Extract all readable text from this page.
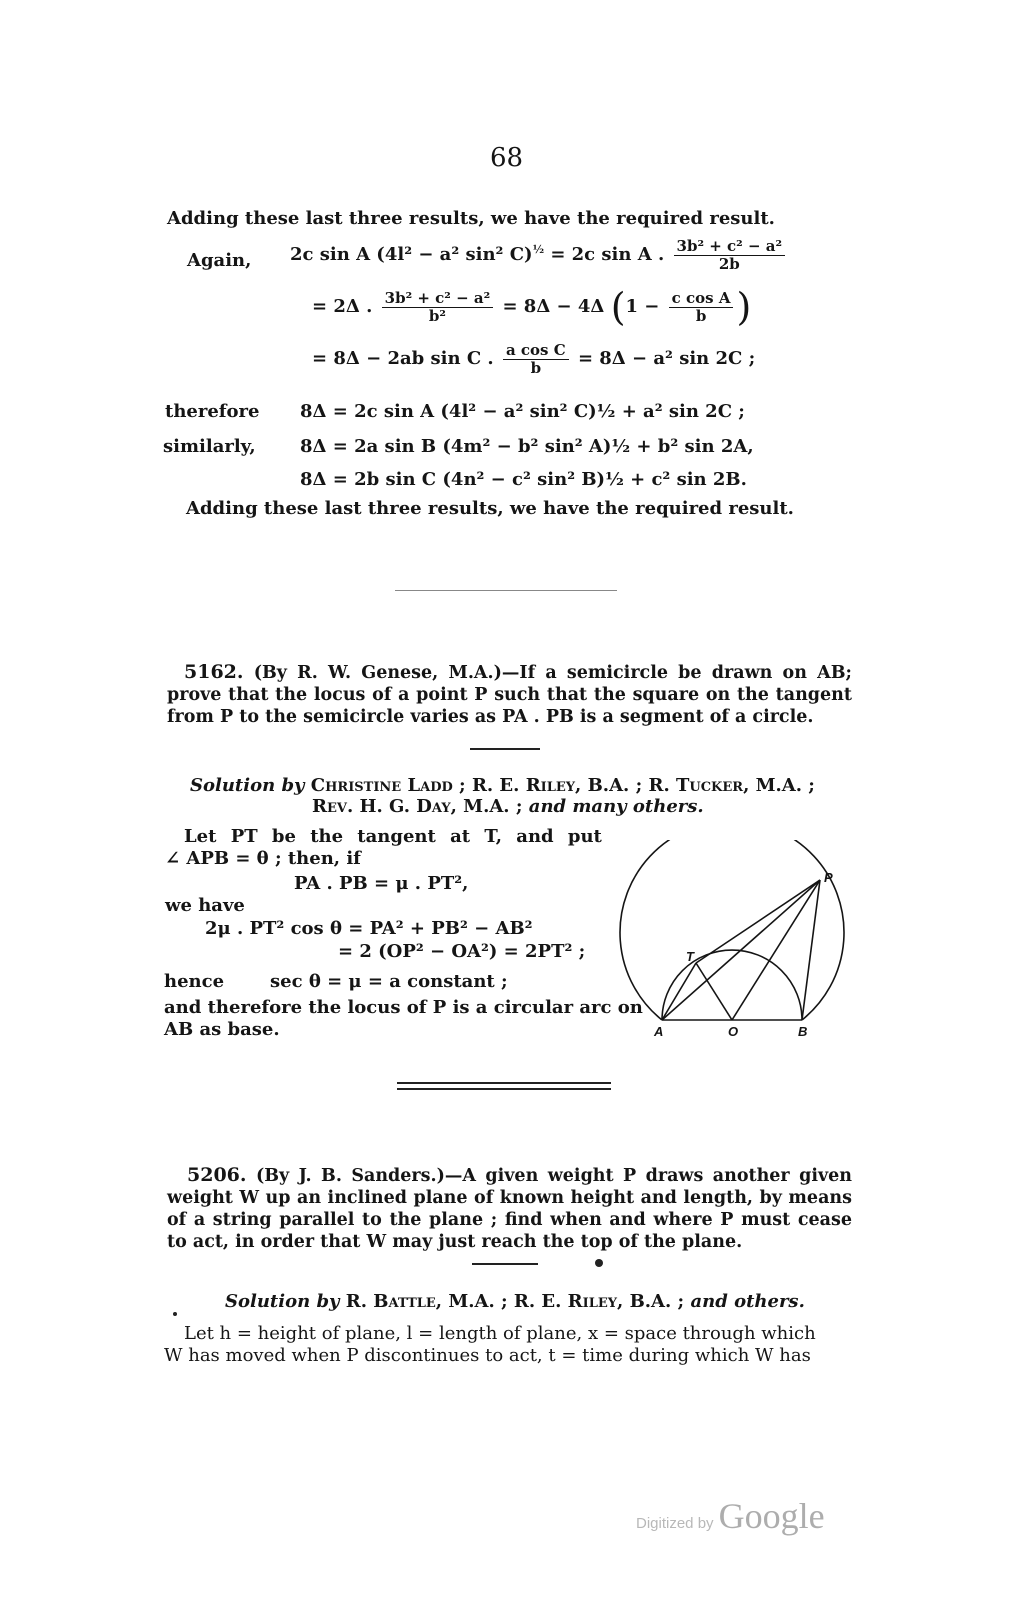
68
Adding these last three results, we have the required result.
Again, 2c sin A (4l² − a² sin² C)$^{\frac{1}{2}}$ = 2c sin A . $\frac{\text{3b² + c² − a²}}{2b}$
= 2Δ . $\frac{\text{3b² + c² − a²}}{\text{b²}} = 8\Delta - 4\Delta$ ($1 - \frac{\text{c cos A}}{b}$ )
= 8Δ − 2ab sin C . $\frac{\text{a cos C}}{b} = 8\Delta - a^2$ sin 2C ;
therefore 8Δ = 2c sin A (4l² − a² sin² C)½ + a² sin 2C ;
similarly, 8Δ = 2a sin B (4m² − b² sin² A)½ + b² sin 2A,
8Δ = 2b sin C (4n² − c² sin² B)½ + c² sin 2B.
Adding these last three results, we have the required result.
5162. (By R. W. Genese, M.A.)—If a semicircle be drawn on AB; prove that the locus of a point P such that the square on the tangent from P to the semicircle varies as PA . PB is a segment of a circle.
Solution by Christine Ladd ; R. E. Riley, B.A. ; R. Tucker, M.A. ;
Rev. H. G. Day, M.A. ; and many others.
Let PT be the tangent at T, and put
∠ APB = θ ; then, if
PA . PB = μ . PT²,
we have
2μ . PT² cos θ = PA² + PB² − AB²
= 2 (OP² − OA²) = 2PT² ;
hence	sec θ = μ = a constant ;
and therefore the locus of P is a circular arc on
AB as base.
P
T
A	O	B
5206. (By J. B. Sanders.)—A given weight P draws another given weight W up an inclined plane of known height and length, by means of a string parallel to the plane ; find when and where P must cease to act, in order that W may just reach the top of the plane.
Solution by R. Battle, M.A. ; R. E. Riley, B.A. ; and others.
Let h = height of plane, l = length of plane, x = space through which
W has moved when P discontinues to act, t = time during which W has
Digitized by Google
